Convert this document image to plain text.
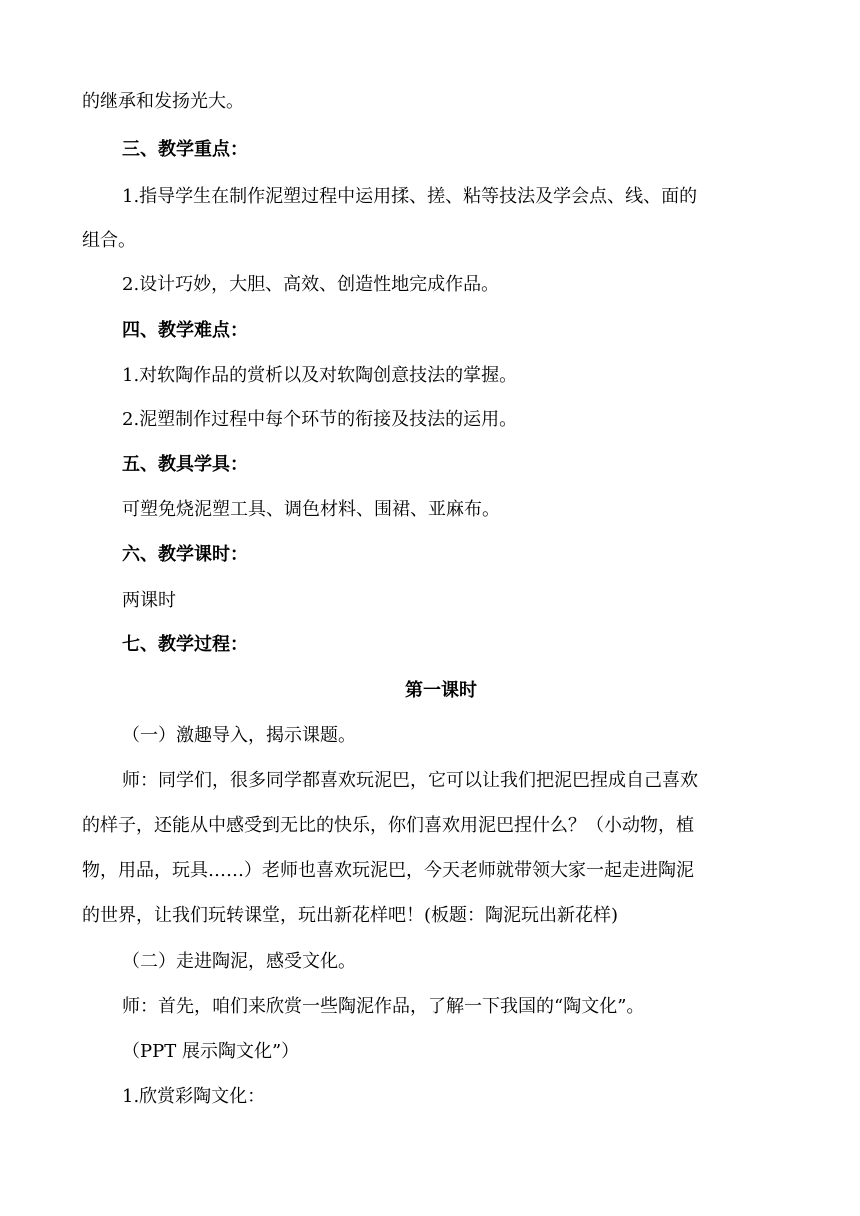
的继承和发扬光大。
三、教学重点：
1.指导学生在制作泥塑过程中运用揉、搓、粘等技法及学会点、线、面的
组合。
2.设计巧妙，大胆、高效、创造性地完成作品。
四、教学难点：
1.对软陶作品的赏析以及对软陶创意技法的掌握。
2.泥塑制作过程中每个环节的衔接及技法的运用。
五、教具学具：
可塑免烧泥塑工具、调色材料、围裙、亚麻布。
六、教学课时：
两课时
七、教学过程：
第一课时
（一）激趣导入，揭示课题。
师：同学们，很多同学都喜欢玩泥巴，它可以让我们把泥巴捏成自己喜欢
的样子，还能从中感受到无比的快乐，你们喜欢用泥巴捏什么？（小动物，植
物，用品，玩具……）老师也喜欢玩泥巴，今天老师就带领大家一起走进陶泥
的世界，让我们玩转课堂，玩出新花样吧！(板题：陶泥玩出新花样)
（二）走进陶泥，感受文化。
师：首先，咱们来欣赏一些陶泥作品，了解一下我国的“陶文化”。
（PPT 展示陶文化”）
1.欣赏彩陶文化：
